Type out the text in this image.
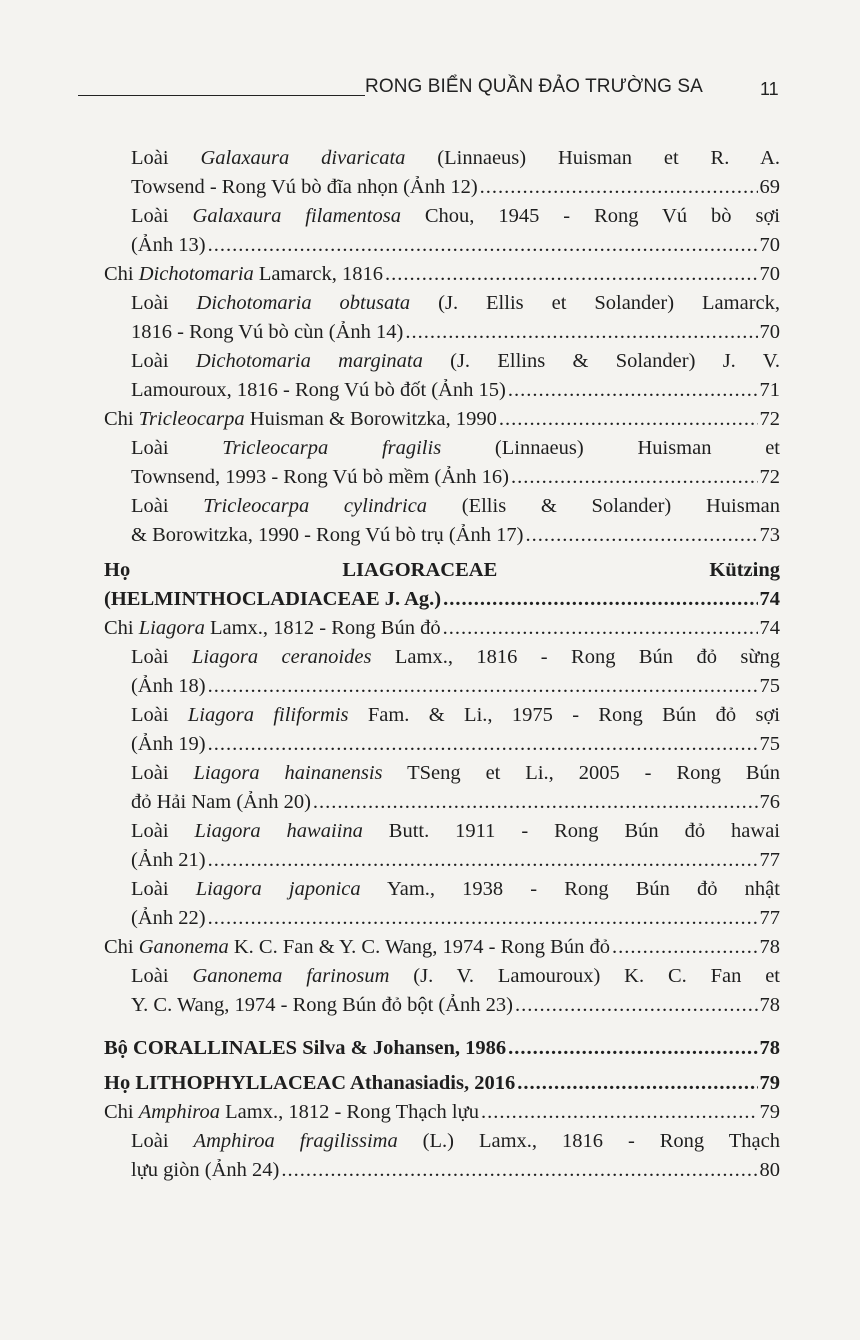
RONG BIỂN QUẦN ĐẢO TRƯỜNG SA	11
Loài Galaxaura divaricata (Linnaeus) Huisman et R. A.
Towsend - Rong Vú bò đĩa nhọn (Ảnh 12) .....	69
Loài Galaxaura filamentosa Chou, 1945 - Rong Vú bò sợi
(Ảnh 13) .....	70
Chi Dichotomaria Lamarck, 1816 .....	70
Loài Dichotomaria obtusata (J. Ellis et Solander) Lamarck,
1816 - Rong Vú bò cùn (Ảnh 14) .....	70
Loài Dichotomaria marginata (J. Ellins & Solander) J. V.
Lamouroux, 1816 - Rong Vú bò đốt (Ảnh 15) .....	71
Chi Tricleocarpa Huisman & Borowitzka, 1990 .....	72
Loài Tricleocarpa fragilis (Linnaeus) Huisman et
Townsend, 1993 - Rong Vú bò mềm (Ảnh 16) .....	72
Loài Tricleocarpa cylindrica (Ellis & Solander) Huisman
& Borowitzka, 1990 - Rong Vú bò trụ (Ảnh 17) .....	73
Họ LIAGORACEAE Kützing
(HELMINTHOCLADIACEAE J. Ag.) .....	74
Chi Liagora Lamx., 1812 - Rong Bún đỏ .....	74
Loài Liagora ceranoides Lamx., 1816 - Rong Bún đỏ sừng
(Ảnh 18) .....	75
Loài Liagora filiformis Fam. & Li., 1975 - Rong Bún đỏ sợi
(Ảnh 19) .....	75
Loài Liagora hainanensis TSeng et Li., 2005 - Rong Bún
đỏ Hải Nam (Ảnh 20) .....	76
Loài Liagora hawaiina Butt. 1911 - Rong Bún đỏ hawai
(Ảnh 21) .....	77
Loài Liagora japonica Yam., 1938 - Rong Bún đỏ nhật
(Ảnh 22) .....	77
Chi Ganonema K. C. Fan & Y. C. Wang, 1974 - Rong Bún đỏ .....	78
Loài Ganonema farinosum (J. V. Lamouroux) K. C. Fan et
Y. C. Wang, 1974 - Rong Bún đỏ bột (Ảnh 23) .....	78
Bộ CORALLINALES Silva & Johansen, 1986 .....	78
Họ LITHOPHYLLACEAC Athanasiadis, 2016 .....	79
Chi Amphiroa Lamx., 1812 - Rong Thạch lựu .....	79
Loài Amphiroa fragilissima (L.) Lamx., 1816 - Rong Thạch
lựu giòn (Ảnh 24) .....	80
